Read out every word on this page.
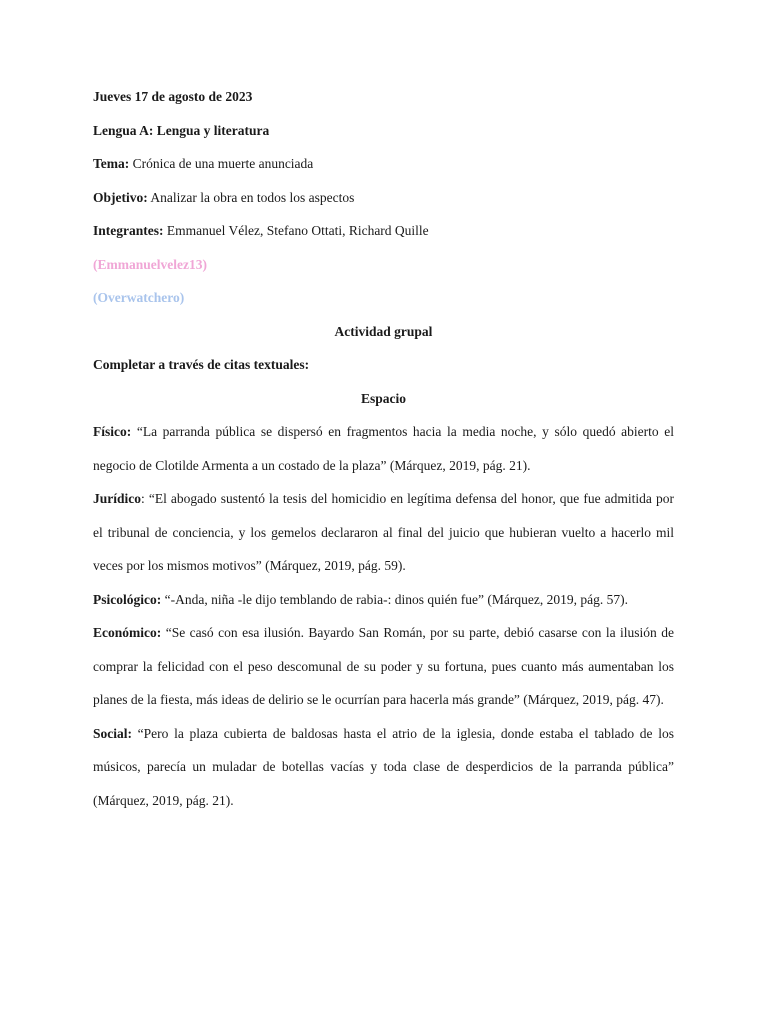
Jueves 17 de agosto de 2023
Lengua A: Lengua y literatura
Tema: Crónica de una muerte anunciada
Objetivo: Analizar la obra en todos los aspectos
Integrantes: Emmanuel Vélez, Stefano Ottati, Richard Quille
(Emmanuelvelez13)
(Overwatchero)
Actividad grupal
Completar a través de citas textuales:
Espacio
Físico: “La parranda pública se dispersó en fragmentos hacia la media noche, y sólo quedó abierto el negocio de Clotilde Armenta a un costado de la plaza” (Márquez, 2019, pág. 21).
Jurídico: “El abogado sustentó la tesis del homicidio en legítima defensa del honor, que fue admitida por el tribunal de conciencia, y los gemelos declararon al final del juicio que hubieran vuelto a hacerlo mil veces por los mismos motivos” (Márquez, 2019, pág. 59).
Psicológico: “-Anda, niña -le dijo temblando de rabia-: dinos quién fue” (Márquez, 2019, pág. 57).
Económico: “Se casó con esa ilusión. Bayardo San Román, por su parte, debió casarse con la ilusión de comprar la felicidad con el peso descomunal de su poder y su fortuna, pues cuanto más aumentaban los planes de la fiesta, más ideas de delirio se le ocurrían para hacerla más grande” (Márquez, 2019, pág. 47).
Social: “Pero la plaza cubierta de baldosas hasta el atrio de la iglesia, donde estaba el tablado de los músicos, parecía un muladar de botellas vacías y toda clase de desperdicios de la parranda pública” (Márquez, 2019, pág. 21).
